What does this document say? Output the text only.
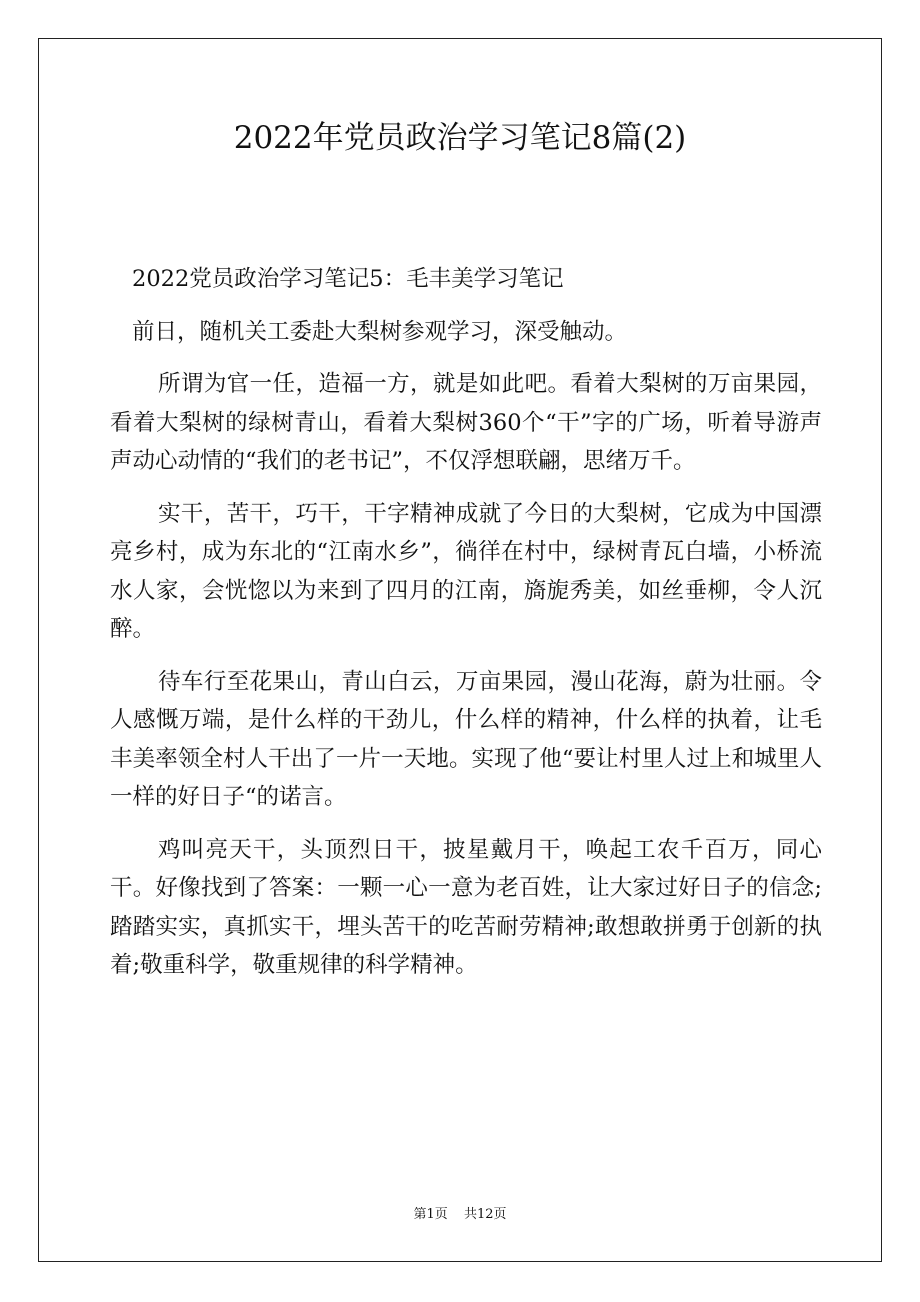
2022年党员政治学习笔记8篇(2)

2022党员政治学习笔记5：毛丰美学习笔记

前日，随机关工委赴大梨树参观学习，深受触动。

所谓为官一任，造福一方，就是如此吧。看着大梨树的万亩果园，看着大梨树的绿树青山，看着大梨树360个“干”字的广场，听着导游声声动心动情的“我们的老书记”，不仅浮想联翩，思绪万千。

实干，苦干，巧干，干字精神成就了今日的大梨树，它成为中国漂亮乡村，成为东北的“江南水乡”，徜徉在村中，绿树青瓦白墙，小桥流水人家，会恍惚以为来到了四月的江南，旖旎秀美，如丝垂柳，令人沉醉。

待车行至花果山，青山白云，万亩果园，漫山花海，蔚为壮丽。令人感慨万端，是什么样的干劲儿，什么样的精神，什么样的执着，让毛丰美率领全村人干出了一片一天地。实现了他“要让村里人过上和城里人一样的好日子“的诺言。

鸡叫亮天干，头顶烈日干，披星戴月干，唤起工农千百万，同心干。好像找到了答案：一颗一心一意为老百姓，让大家过好日子的信念;踏踏实实，真抓实干，埋头苦干的吃苦耐劳精神;敢想敢拼勇于创新的执着;敬重科学，敬重规律的科学精神。

第1页 共12页
